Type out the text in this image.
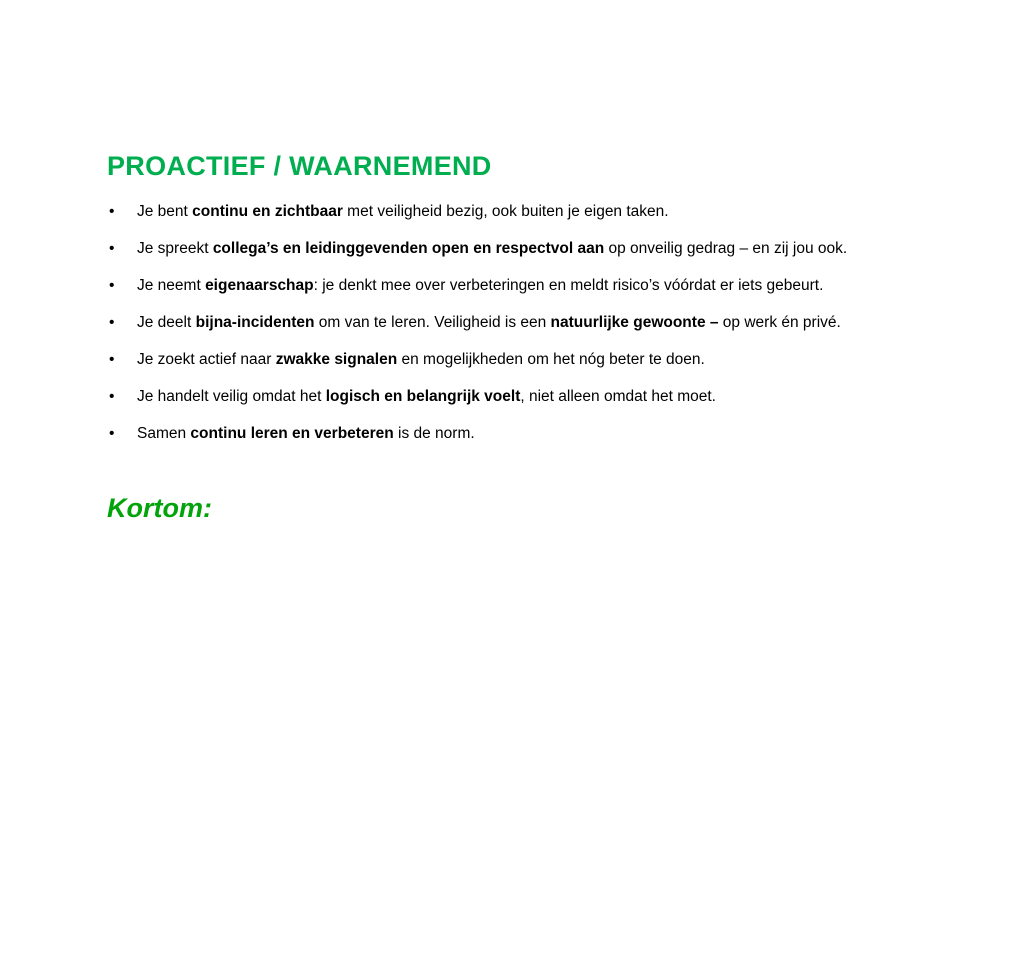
PROACTIEF / WAARNEMEND
• Je bent continu en zichtbaar met veiligheid bezig, ook buiten je eigen taken.
• Je spreekt collega’s en leidinggevenden open en respectvol aan op onveilig gedrag – en zij jou ook.
• Je neemt eigenaarschap: je denkt mee over verbeteringen en meldt risico’s vóórdat er iets gebeurt.
• Je deelt bijna-incidenten om van te leren. Veiligheid is een natuurlijke gewoonte – op werk én privé.
• Je zoekt actief naar zwakke signalen en mogelijkheden om het nóg beter te doen.
• Je handelt veilig omdat het logisch en belangrijk voelt, niet alleen omdat het moet.
• Samen continu leren en verbeteren is de norm.
Kortom:
